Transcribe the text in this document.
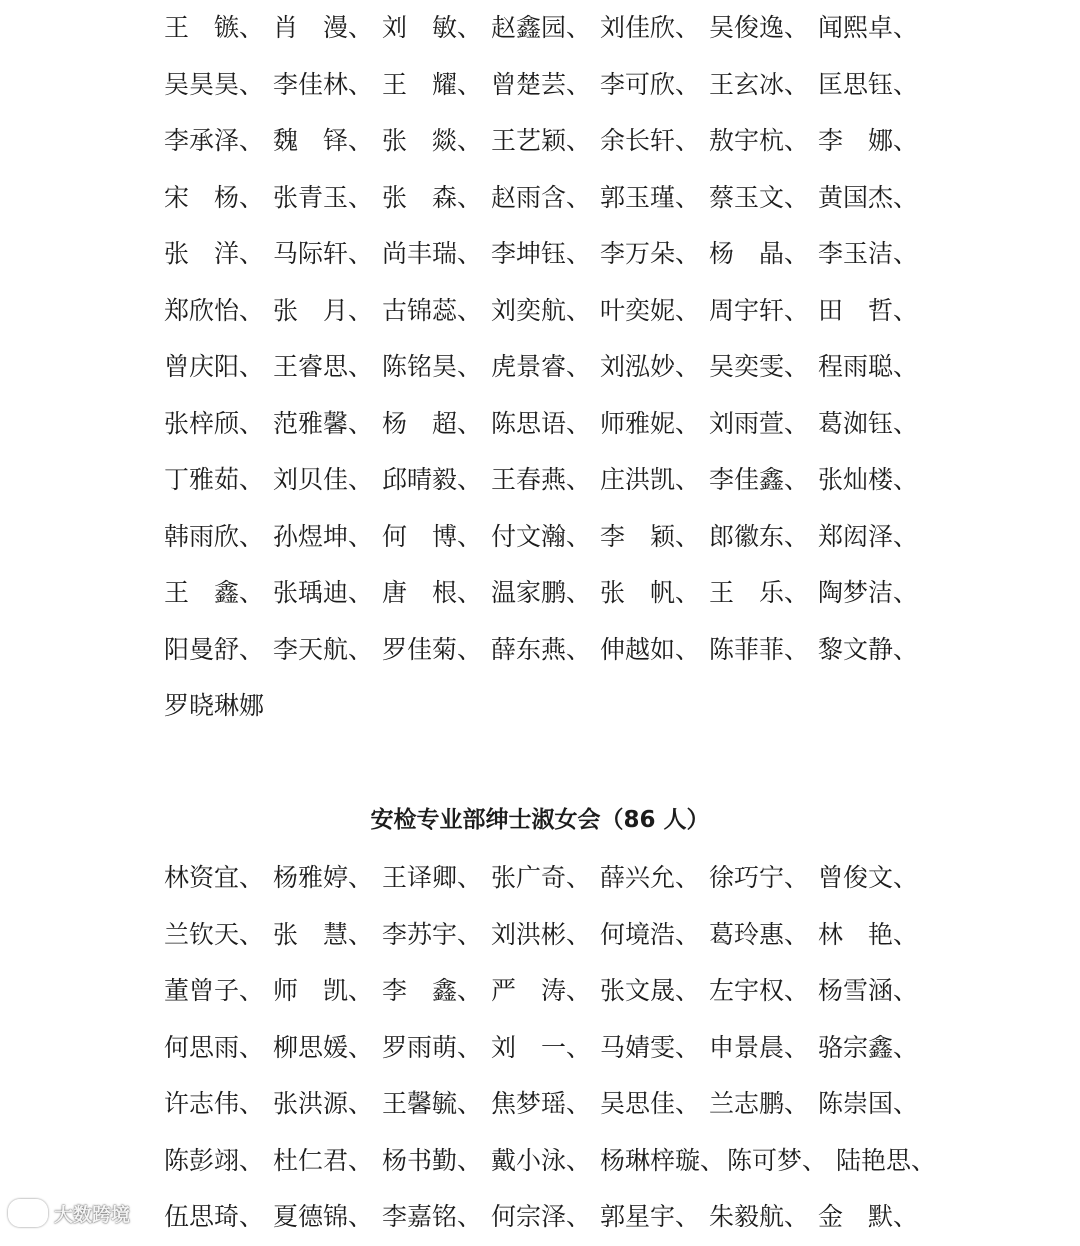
王　镞、 肖　漫、 刘　敏、 赵鑫园、 刘佳欣、 吴俊逸、 闻熙卓、
吴昊昊、 李佳林、 王　耀、 曾楚芸、 李可欣、 王玄冰、 匡思钰、
李承泽、 魏　铎、 张　燚、 王艺颖、 余长轩、 敖宇杭、 李　娜、
宋　杨、 张青玉、 张　森、 赵雨含、 郭玉瑾、 蔡玉文、 黄国杰、
张　洋、 马际轩、 尚丰瑞、 李坤钰、 李万朵、 杨　晶、 李玉洁、
郑欣怡、 张　月、 古锦蕊、 刘奕航、 叶奕妮、 周宇轩、 田　哲、
曾庆阳、 王睿思、 陈铭昊、 虎景睿、 刘泓妙、 吴奕雯、 程雨聪、
张梓颀、 范雅馨、 杨　超、 陈思语、 师雅妮、 刘雨萱、 葛洳钰、
丁雅茹、 刘贝佳、 邱晴毅、 王春燕、 庄洪凯、 李佳鑫、 张灿楼、
韩雨欣、 孙煜坤、 何　博、 付文瀚、 李　颖、 郎徽东、 郑闳泽、
王　鑫、 张瑀迪、 唐　根、 温家鹏、 张　帆、 王　乐、 陶梦洁、
阳曼舒、 李天航、 罗佳菊、 薛东燕、 伸越如、 陈菲菲、 黎文静、
罗晓琳娜
安检专业部绅士淑女会（86 人）
林资宜、 杨雅婷、 王译卿、 张广奇、 薛兴允、 徐巧宁、 曾俊文、
兰钦天、 张　慧、 李苏宇、 刘洪彬、 何境浩、 葛玲惠、 林　艳、
董曾子、 师　凯、 李　鑫、 严　涛、 张文晟、 左宇权、 杨雪涵、
何思雨、 柳思媛、 罗雨萌、 刘　一、 马婧雯、 申景晨、 骆宗鑫、
许志伟、 张洪源、 王馨毓、 焦梦瑶、 吴思佳、 兰志鹏、 陈崇国、
陈彭翊、 杜仁君、 杨书勤、 戴小泳、 杨琳梓璇、陈可梦、 陆艳思、
伍思琦、 夏德锦、 李嘉铭、 何宗泽、 郭星宇、 朱毅航、 金　默、
大数跨境
